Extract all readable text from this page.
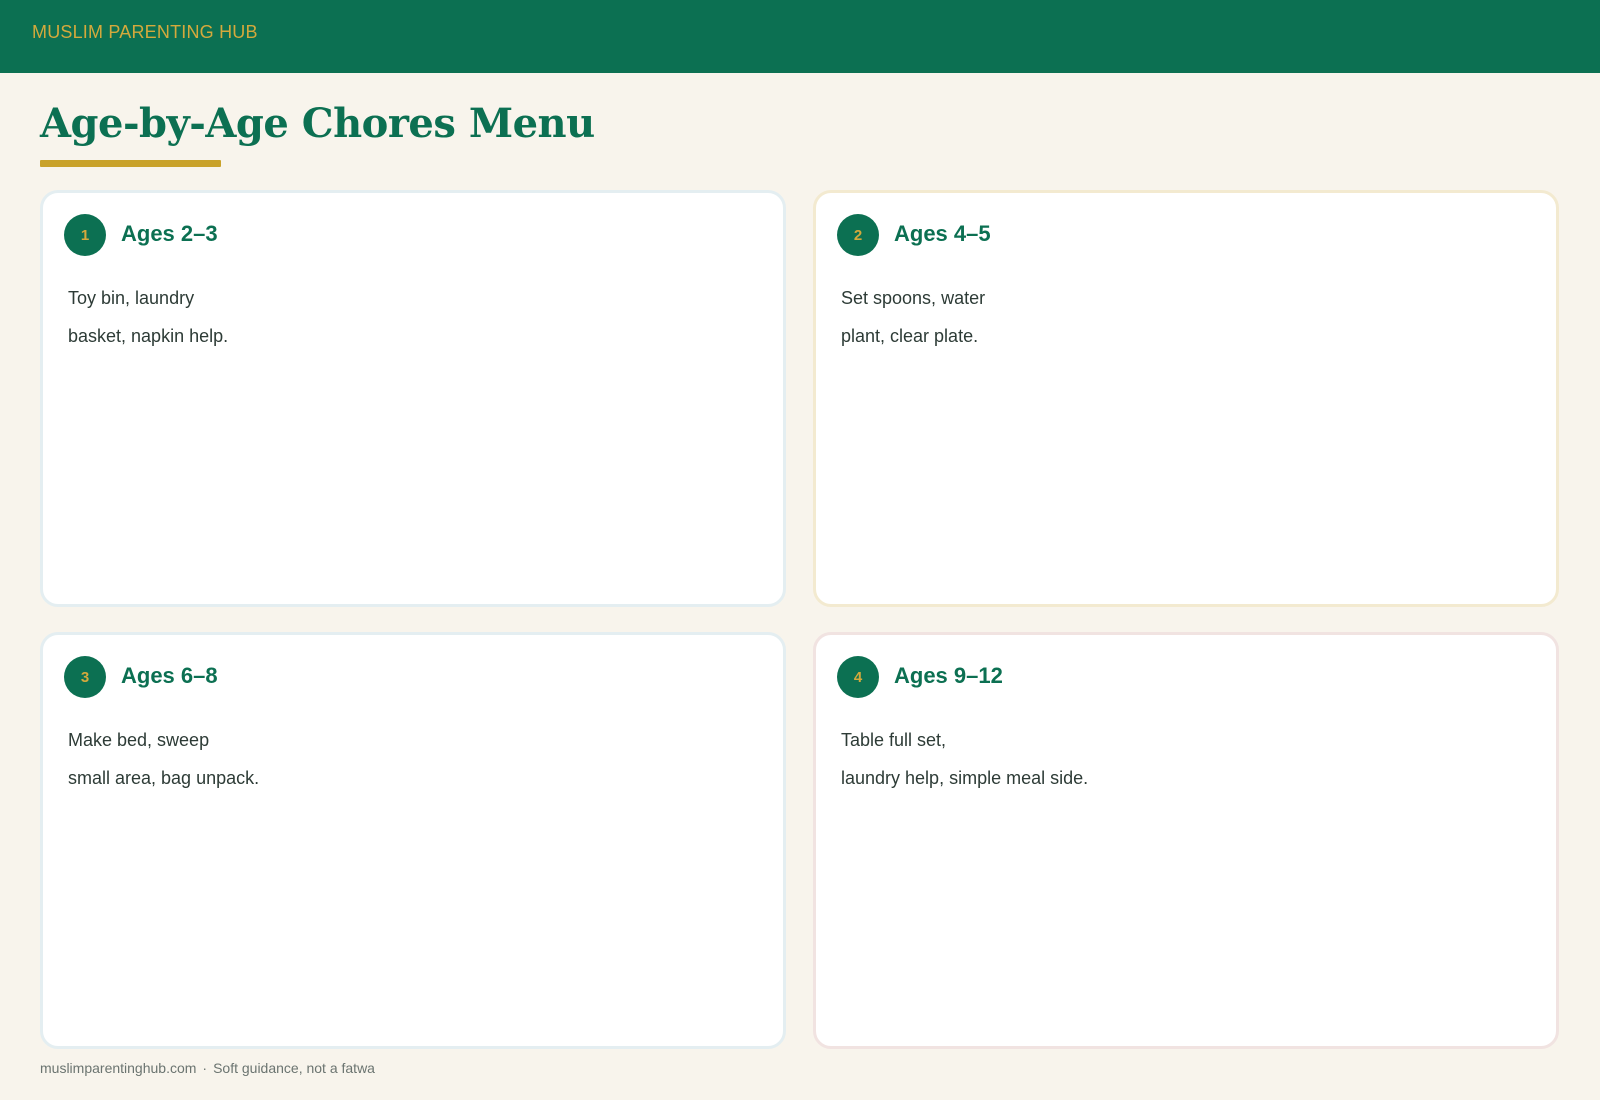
MUSLIM PARENTING HUB
Age-by-Age Chores Menu
1	Ages 2–3
Toy bin, laundry
basket, napkin help.
2	Ages 4–5
Set spoons, water
plant, clear plate.
3	Ages 6–8
Make bed, sweep
small area, bag unpack.
4	Ages 9–12
Table full set,
laundry help, simple meal side.
muslimparentinghub.com · Soft guidance, not a fatwa
